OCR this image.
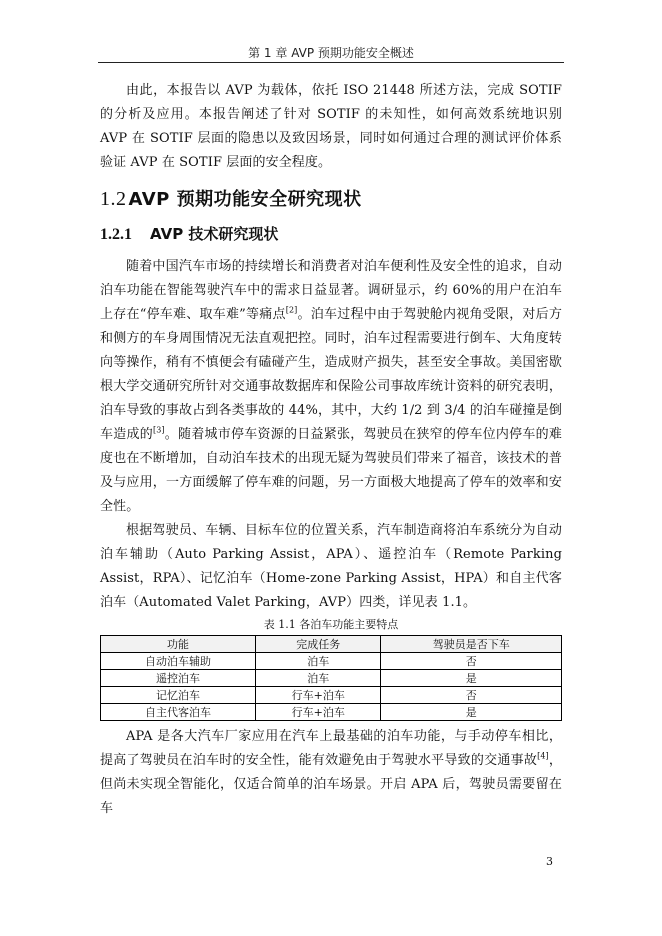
第 1 章 AVP 预期功能安全概述

由此，本报告以 AVP 为载体，依托 ISO 21448 所述方法，完成 SOTIF 的分析及应用。本报告阐述了针对 SOTIF 的未知性，如何高效系统地识别 AVP 在 SOTIF 层面的隐患以及致因场景，同时如何通过合理的测试评价体系验证 AVP 在 SOTIF 层面的安全程度。

1.2 AVP 预期功能安全研究现状
1.2.1 AVP 技术研究现状

随着中国汽车市场的持续增长和消费者对泊车便利性及安全性的追求，自动泊车功能在智能驾驶汽车中的需求日益显著。调研显示，约 60%的用户在泊车上存在“停车难、取车难”等痛点[2]。泊车过程中由于驾驶舱内视角受限，对后方和侧方的车身周围情况无法直观把控。同时，泊车过程需要进行倒车、大角度转向等操作，稍有不慎便会有磕碰产生，造成财产损失，甚至安全事故。美国密歇根大学交通研究所针对交通事故数据库和保险公司事故库统计资料的研究表明，泊车导致的事故占到各类事故的 44%，其中，大约 1/2 到 3/4 的泊车碰撞是倒车造成的[3]。随着城市停车资源的日益紧张，驾驶员在狭窄的停车位内停车的难度也在不断增加，自动泊车技术的出现无疑为驾驶员们带来了福音，该技术的普及与应用，一方面缓解了停车难的问题，另一方面极大地提高了停车的效率和安全性。

根据驾驶员、车辆、目标车位的位置关系，汽车制造商将泊车系统分为自动泊车辅助（Auto Parking Assist，APA）、遥控泊车（Remote Parking Assist，RPA）、记忆泊车（Home-zone Parking Assist，HPA）和自主代客泊车（Automated Valet Parking，AVP）四类，详见表 1.1。

表 1.1 各泊车功能主要特点
功能	完成任务	驾驶员是否下车
自动泊车辅助	泊车	否
遥控泊车	泊车	是
记忆泊车	行车+泊车	否
自主代客泊车	行车+泊车	是

APA 是各大汽车厂家应用在汽车上最基础的泊车功能，与手动停车相比，提高了驾驶员在泊车时的安全性，能有效避免由于驾驶水平导致的交通事故[4]，但尚未实现全智能化，仅适合简单的泊车场景。开启 APA 后，驾驶员需要留在车

3
